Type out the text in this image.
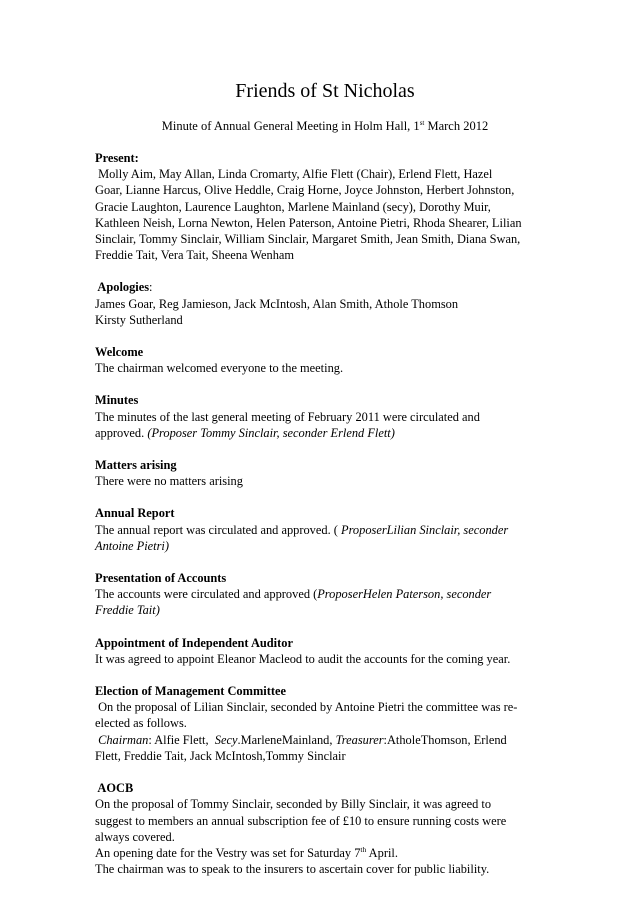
Friends of St Nicholas
Minute of Annual General Meeting in Holm Hall, 1st March 2012
Present:
Molly Aim, May Allan, Linda Cromarty, Alfie Flett (Chair), Erlend Flett, Hazel
Goar, Lianne Harcus, Olive Heddle, Craig Horne, Joyce Johnston, Herbert Johnston,
Gracie Laughton, Laurence Laughton, Marlene Mainland (secy), Dorothy Muir,
Kathleen Neish, Lorna Newton, Helen Paterson, Antoine Pietri, Rhoda Shearer, Lilian
Sinclair, Tommy Sinclair, William Sinclair, Margaret Smith, Jean Smith, Diana Swan,
Freddie Tait, Vera Tait, Sheena Wenham
Apologies:
James Goar, Reg Jamieson, Jack McIntosh, Alan Smith, Athole Thomson
Kirsty Sutherland
Welcome
The chairman welcomed everyone to the meeting.
Minutes
The minutes of the last general meeting of February 2011 were circulated and
approved. (Proposer Tommy Sinclair, seconder Erlend Flett)
Matters arising
There were no matters arising
Annual Report
The annual report was circulated and approved. ( ProposerLilian Sinclair, seconder
Antoine Pietri)
Presentation of Accounts
The accounts were circulated and approved (ProposerHelen Paterson, seconder
Freddie Tait)
Appointment of Independent Auditor
It was agreed to appoint Eleanor Macleod to audit the accounts for the coming year.
Election of Management Committee
On the proposal of Lilian Sinclair, seconded by Antoine Pietri the committee was re-
elected as follows.
Chairman: Alfie Flett,  Secy.MarleneMainland, Treasurer:AtholeThomson, Erlend
Flett, Freddie Tait, Jack McIntosh,Tommy Sinclair
AOCB
On the proposal of Tommy Sinclair, seconded by Billy Sinclair, it was agreed to
suggest to members an annual subscription fee of £10 to ensure running costs were
always covered.
An opening date for the Vestry was set for Saturday 7th April.
The chairman was to speak to the insurers to ascertain cover for public liability.
